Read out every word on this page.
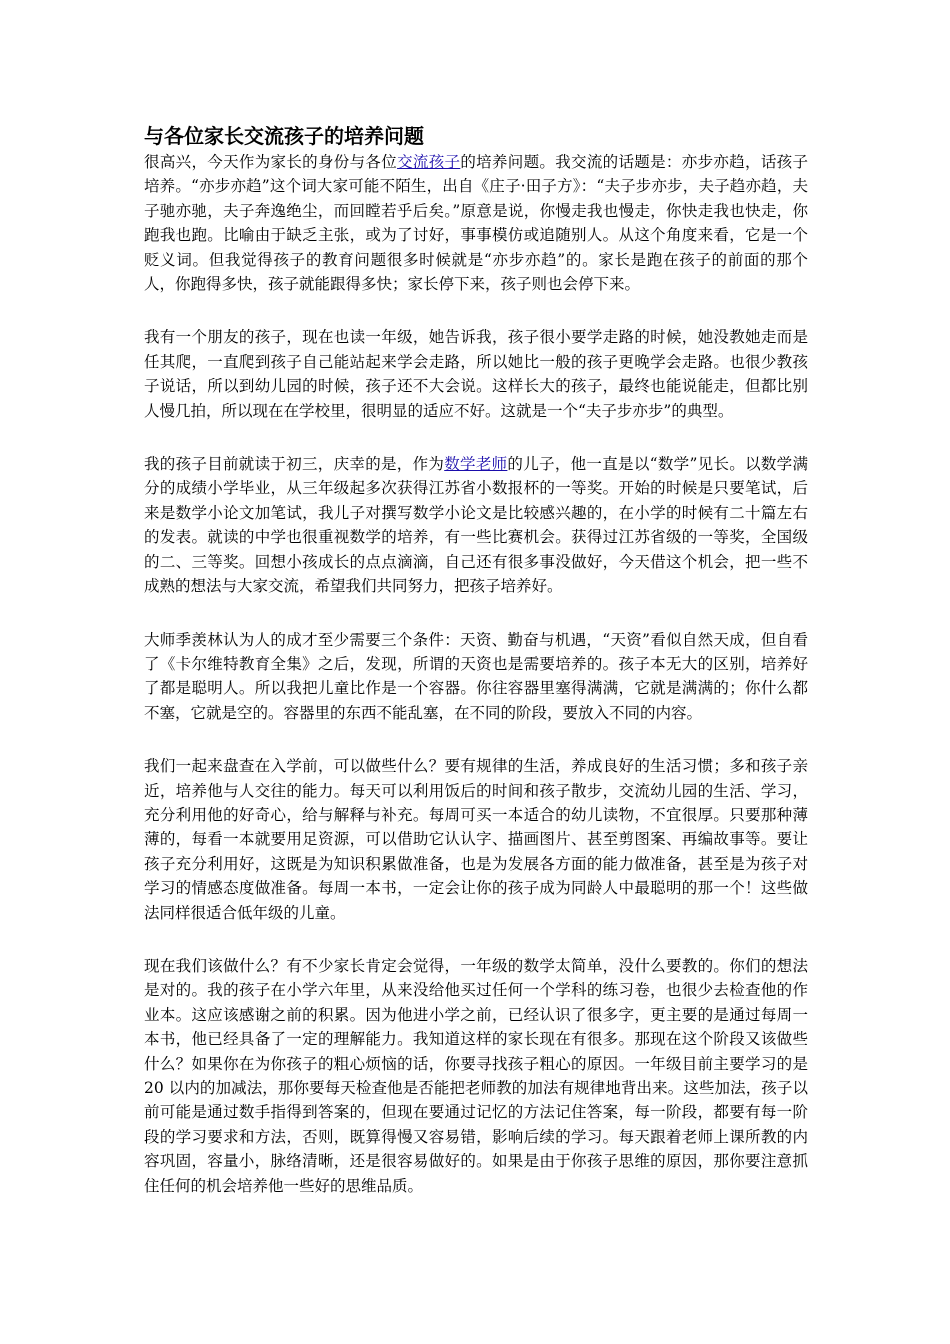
与各位家长交流孩子的培养问题

很高兴，今天作为家长的身份与各位交流孩子的培养问题。我交流的话题是：亦步亦趋，话孩子培养。“亦步亦趋”这个词大家可能不陌生，出自《庄子·田子方》：“夫子步亦步，夫子趋亦趋，夫子驰亦驰，夫子奔逸绝尘，而回瞠若乎后矣。”原意是说，你慢走我也慢走，你快走我也快走，你跑我也跑。比喻由于缺乏主张，或为了讨好，事事模仿或追随别人。从这个角度来看，它是一个贬义词。但我觉得孩子的教育问题很多时候就是“亦步亦趋”的。家长是跑在孩子的前面的那个人，你跑得多快，孩子就能跟得多快；家长停下来，孩子则也会停下来。

我有一个朋友的孩子，现在也读一年级，她告诉我，孩子很小要学走路的时候，她没教她走而是任其爬，一直爬到孩子自己能站起来学会走路，所以她比一般的孩子更晚学会走路。也很少教孩子说话，所以到幼儿园的时候，孩子还不大会说。这样长大的孩子，最终也能说能走，但都比别人慢几拍，所以现在在学校里，很明显的适应不好。这就是一个“夫子步亦步”的典型。

我的孩子目前就读于初三，庆幸的是，作为数学老师的儿子，他一直是以“数学”见长。以数学满分的成绩小学毕业，从三年级起多次获得江苏省小数报杯的一等奖。开始的时候是只要笔试，后来是数学小论文加笔试，我儿子对撰写数学小论文是比较感兴趣的，在小学的时候有二十篇左右的发表。就读的中学也很重视数学的培养，有一些比赛机会。获得过江苏省级的一等奖，全国级的二、三等奖。回想小孩成长的点点滴滴，自己还有很多事没做好，今天借这个机会，把一些不成熟的想法与大家交流，希望我们共同努力，把孩子培养好。

大师季羡林认为人的成才至少需要三个条件：天资、勤奋与机遇，“天资”看似自然天成，但自看了《卡尔维特教育全集》之后，发现，所谓的天资也是需要培养的。孩子本无大的区别，培养好了都是聪明人。所以我把儿童比作是一个容器。你往容器里塞得满满，它就是满满的；你什么都不塞，它就是空的。容器里的东西不能乱塞，在不同的阶段，要放入不同的内容。

我们一起来盘查在入学前，可以做些什么？要有规律的生活，养成良好的生活习惯；多和孩子亲近，培养他与人交往的能力。每天可以利用饭后的时间和孩子散步，交流幼儿园的生活、学习，充分利用他的好奇心，给与解释与补充。每周可买一本适合的幼儿读物，不宜很厚。只要那种薄薄的，每看一本就要用足资源，可以借助它认认字、描画图片、甚至剪图案、再编故事等。要让孩子充分利用好，这既是为知识积累做准备，也是为发展各方面的能力做准备，甚至是为孩子对学习的情感态度做准备。每周一本书，一定会让你的孩子成为同龄人中最聪明的那一个！这些做法同样很适合低年级的儿童。

现在我们该做什么？有不少家长肯定会觉得，一年级的数学太简单，没什么要教的。你们的想法是对的。我的孩子在小学六年里，从来没给他买过任何一个学科的练习卷，也很少去检查他的作业本。这应该感谢之前的积累。因为他进小学之前，已经认识了很多字，更主要的是通过每周一本书，他已经具备了一定的理解能力。我知道这样的家长现在有很多。那现在这个阶段又该做些什么？如果你在为你孩子的粗心烦恼的话，你要寻找孩子粗心的原因。一年级目前主要学习的是 20 以内的加减法，那你要每天检查他是否能把老师教的加法有规律地背出来。这些加法，孩子以前可能是通过数手指得到答案的，但现在要通过记忆的方法记住答案，每一阶段，都要有每一阶段的学习要求和方法，否则，既算得慢又容易错，影响后续的学习。每天跟着老师上课所教的内容巩固，容量小，脉络清晰，还是很容易做好的。如果是由于你孩子思维的原因，那你要注意抓住任何的机会培养他一些好的思维品质。
